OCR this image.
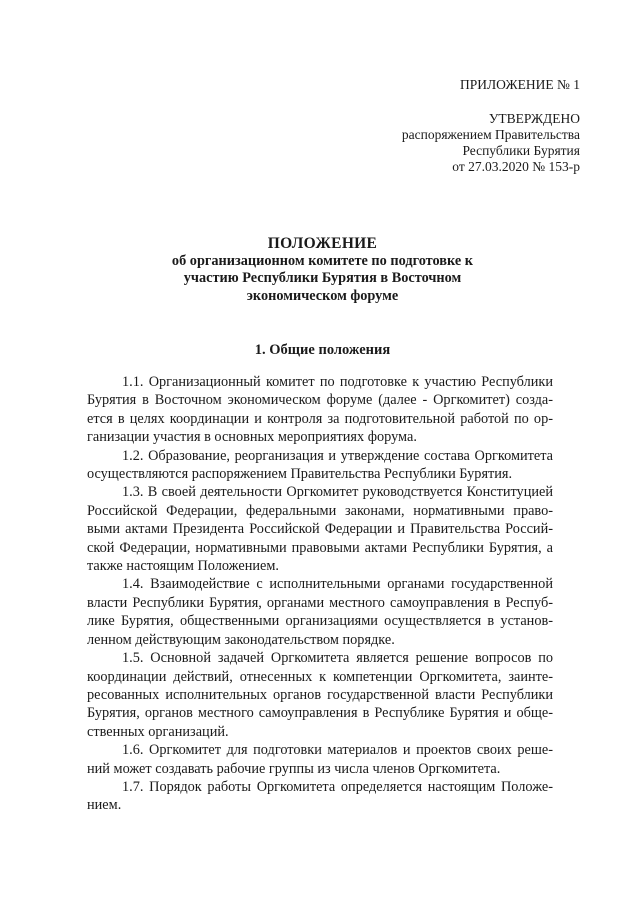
ПРИЛОЖЕНИЕ № 1
УТВЕРЖДЕНО
распоряжением Правительства
Республики Бурятия
от 27.03.2020 № 153-р
ПОЛОЖЕНИЕ
об организационном комитете по подготовке к
участию Республики Бурятия в Восточном
экономическом форуме
1. Общие положения

1.1. Организационный комитет по подготовке к участию Республики Бурятия в Восточном экономическом форуме (далее - Оргкомитет) создается в целях координации и контроля за подготовительной работой по организации участия в основных мероприятиях форума.

1.2. Образование, реорганизация и утверждение состава Оргкомитета осуществляются распоряжением Правительства Республики Бурятия.

1.3. В своей деятельности Оргкомитет руководствуется Конституцией Российской Федерации, федеральными законами, нормативными правовыми актами Президента Российской Федерации и Правительства Российской Федерации, нормативными правовыми актами Республики Бурятия, а также настоящим Положением.

1.4. Взаимодействие с исполнительными органами государственной власти Республики Бурятия, органами местного самоуправления в Республике Бурятия, общественными организациями осуществляется в установленном действующим законодательством порядке.

1.5. Основной задачей Оргкомитета является решение вопросов по координации действий, отнесенных к компетенции Оргкомитета, заинтересованных исполнительных органов государственной власти Республики Бурятия, органов местного самоуправления в Республике Бурятия и общественных организаций.

1.6. Оргкомитет для подготовки материалов и проектов своих решений может создавать рабочие группы из числа членов Оргкомитета.

1.7. Порядок работы Оргкомитета определяется настоящим Положением.
